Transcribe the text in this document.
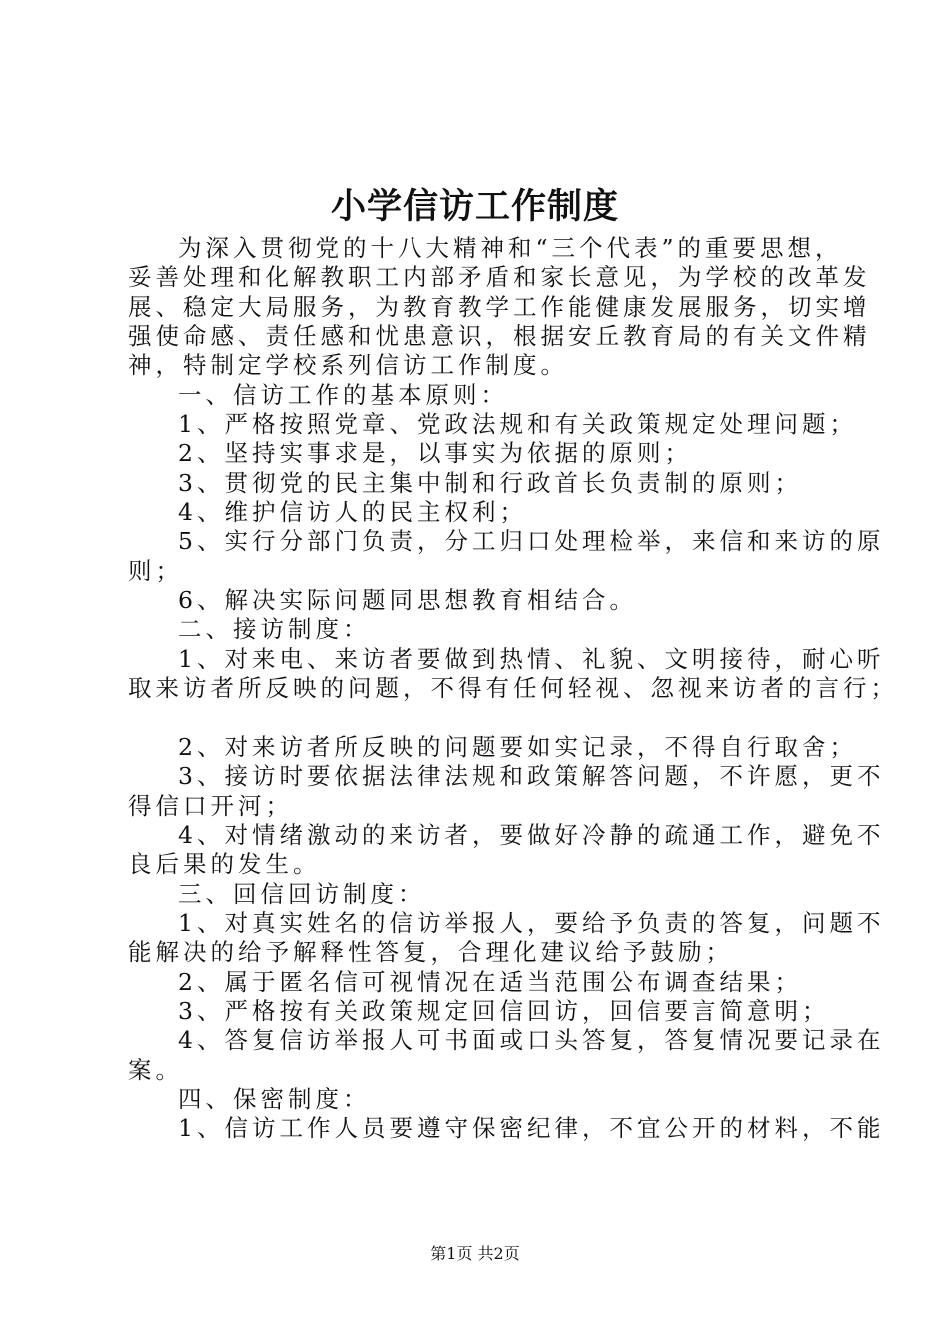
小学信访工作制度
为深入贯彻党的十八大精神和“三个代表”的重要思想，
妥善处理和化解教职工内部矛盾和家长意见，为学校的改革发
展、稳定大局服务，为教育教学工作能健康发展服务，切实增
强使命感、责任感和忧患意识，根据安丘教育局的有关文件精
神，特制定学校系列信访工作制度。
一、信访工作的基本原则：
1、严格按照党章、党政法规和有关政策规定处理问题；
2、坚持实事求是，以事实为依据的原则；
3、贯彻党的民主集中制和行政首长负责制的原则；
4、维护信访人的民主权利；
5、实行分部门负责，分工归口处理检举，来信和来访的原
则；
6、解决实际问题同思想教育相结合。
二、接访制度：
1、对来电、来访者要做到热情、礼貌、文明接待，耐心听
取来访者所反映的问题，不得有任何轻视、忽视来访者的言行；
2、对来访者所反映的问题要如实记录，不得自行取舍；
3、接访时要依据法律法规和政策解答问题，不许愿，更不
得信口开河；
4、对情绪激动的来访者，要做好冷静的疏通工作，避免不
良后果的发生。
三、回信回访制度：
1、对真实姓名的信访举报人，要给予负责的答复，问题不
能解决的给予解释性答复，合理化建议给予鼓励；
2、属于匿名信可视情况在适当范围公布调查结果；
3、严格按有关政策规定回信回访，回信要言简意明；
4、答复信访举报人可书面或口头答复，答复情况要记录在
案。
四、保密制度：
1、信访工作人员要遵守保密纪律，不宜公开的材料，不能
第1页 共2页
